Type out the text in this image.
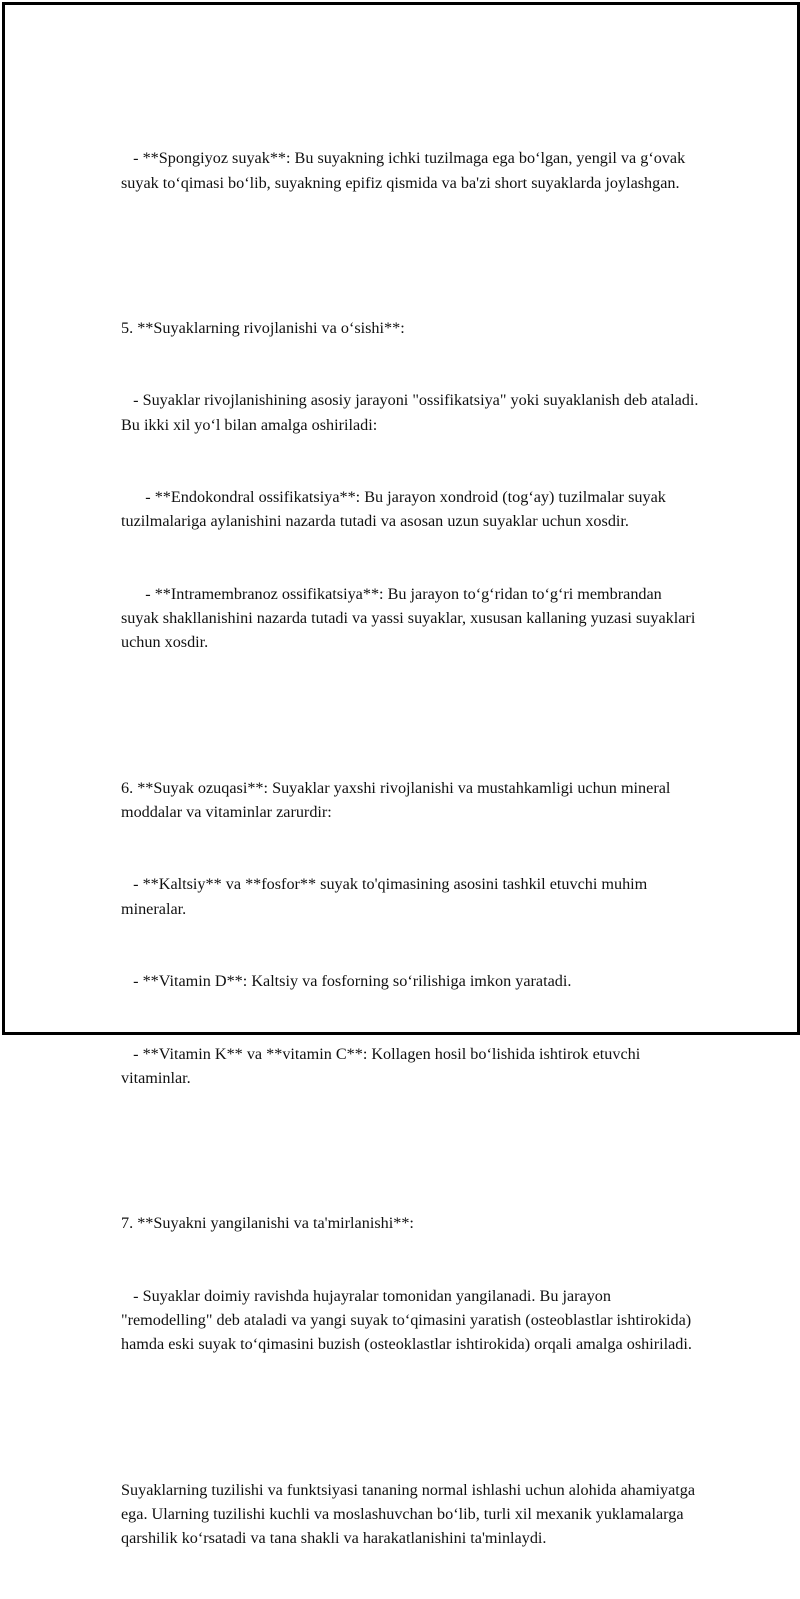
- **Spongiyoz suyak**: Bu suyakning ichki tuzilmaga ega bo‘lgan, yengil va g‘ovak suyak to‘qimasi bo‘lib, suyakning epifiz qismida va ba'zi short suyaklarda joylashgan.

5. **Suyaklarning rivojlanishi va o‘sishi**:

- Suyaklar rivojlanishining asosiy jarayoni "ossifikatsiya" yoki suyaklanish deb ataladi. Bu ikki xil yo‘l bilan amalga oshiriladi:

- **Endokondral ossifikatsiya**: Bu jarayon xondroid (tog‘ay) tuzilmalar suyak tuzilmalariga aylanishini nazarda tutadi va asosan uzun suyaklar uchun xosdir.

- **Intramembranoz ossifikatsiya**: Bu jarayon to‘g‘ridan to‘g‘ri membrandan suyak shakllanishini nazarda tutadi va yassi suyaklar, xususan kallaning yuzasi suyaklari uchun xosdir.

6. **Suyak ozuqasi**: Suyaklar yaxshi rivojlanishi va mustahkamligi uchun mineral moddalar va vitaminlar zarurdir:

- **Kaltsiy** va **fosfor** suyak to'qimasining asosini tashkil etuvchi muhim mineralar.

- **Vitamin D**: Kaltsiy va fosforning so‘rilishiga imkon yaratadi.

- **Vitamin K** va **vitamin C**: Kollagen hosil bo‘lishida ishtirok etuvchi vitaminlar.

7. **Suyakni yangilanishi va ta'mirlanishi**:

- Suyaklar doimiy ravishda hujayralar tomonidan yangilanadi. Bu jarayon "remodelling" deb ataladi va yangi suyak to‘qimasini yaratish (osteoblastlar ishtirokida) hamda eski suyak to‘qimasini buzish (osteoklastlar ishtirokida) orqali amalga oshiriladi.

Suyaklarning tuzilishi va funktsiyasi tananing normal ishlashi uchun alohida ahamiyatga ega. Ularning tuzilishi kuchli va moslashuvchan bo‘lib, turli xil mexanik yuklamalarga qarshilik ko‘rsatadi va tana shakli va harakatlanishini ta'minlaydi.
